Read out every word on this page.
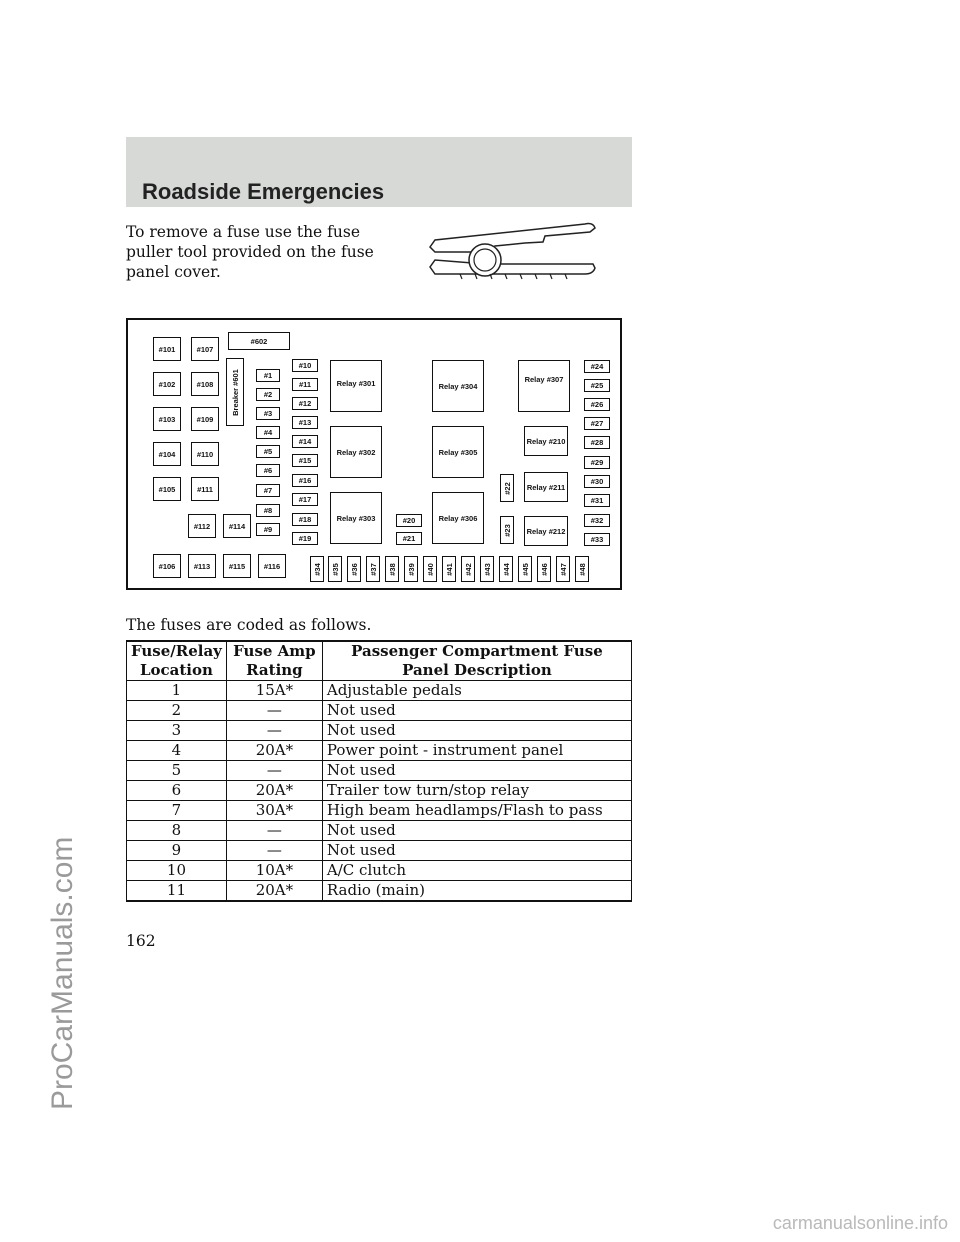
Roadside Emergencies
To remove a fuse use the fuse puller tool provided on the fuse panel cover.
#101
#102
#103
#104
#105
#106
#107
#108
#109
#110
#111
#112
#113
#114
#115	#116
#602
Breaker #601	#1
#2
#3
#4
#5
#6
#7
#8
#9
#10
#11
#12
#13
#14
#15
#16
#17
#18
#19
Relay #301
Relay #302
Relay #303
Relay #304
Relay #305
Relay #306
Relay #307
Relay #210
Relay #211
Relay #212
#20
#21
#22
#23
#24
#25
#26
#27
#28
#29
#30
#31
#32
#33
#34 #35 #36 #37 #38 #39 #40 #41 #42 #43 #44 #45 #46 #47 #48
The fuses are coded as follows.
Fuse/Relay Location	Fuse Amp Rating	Passenger Compartment Fuse Panel Description
1	15A*	Adjustable pedals
2	—	Not used
3	—	Not used
4	20A*	Power point - instrument panel
5	—	Not used
6	20A*	Trailer tow turn/stop relay
7	30A*	High beam headlamps/Flash to pass
8	—	Not used
9	—	Not used
10	10A*	A/C clutch
11	20A*	Radio (main)
162
ProCarManuals.com
carmanualsonline.info
